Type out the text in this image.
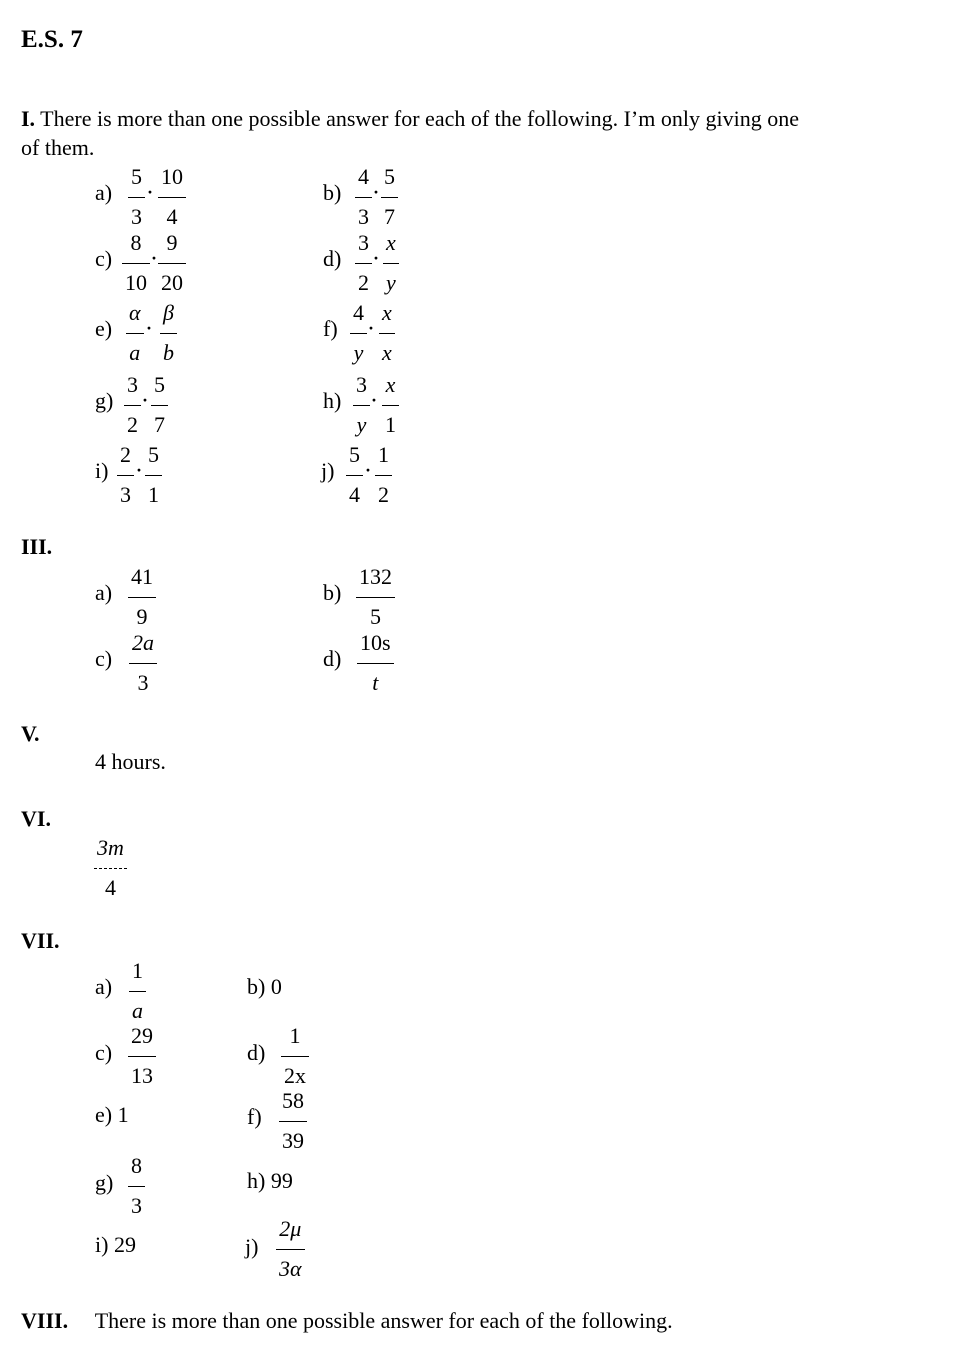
E.S. 7
I. There is more than one possible answer for each of the following. I’m only giving one
of them.
a)
5
3
·
10
4
b)
4
3
·
5
7
c)
8
10
·
9
20
d)
3
2
·
x
y
e)
α
a
·
β
b
f)
4
y
·
x
x
g)
3
2
·
5
7
h)
3
y
·
x
1
i)
2
3
·
5
1
j)
5
4
·
1
2
III.
a)
41
9
b)
132
5
c)
2a
3
d)
10s
t
V.
4 hours.
VI.
3m
4
VII.
a)
1
a
b) 0
c)
29
13
d)
1
2x
e) 1	f)
58
39
g)
8
3
h) 99
i) 29	j)
2μ
3α
VIII. There is more than one possible answer for each of the following.
